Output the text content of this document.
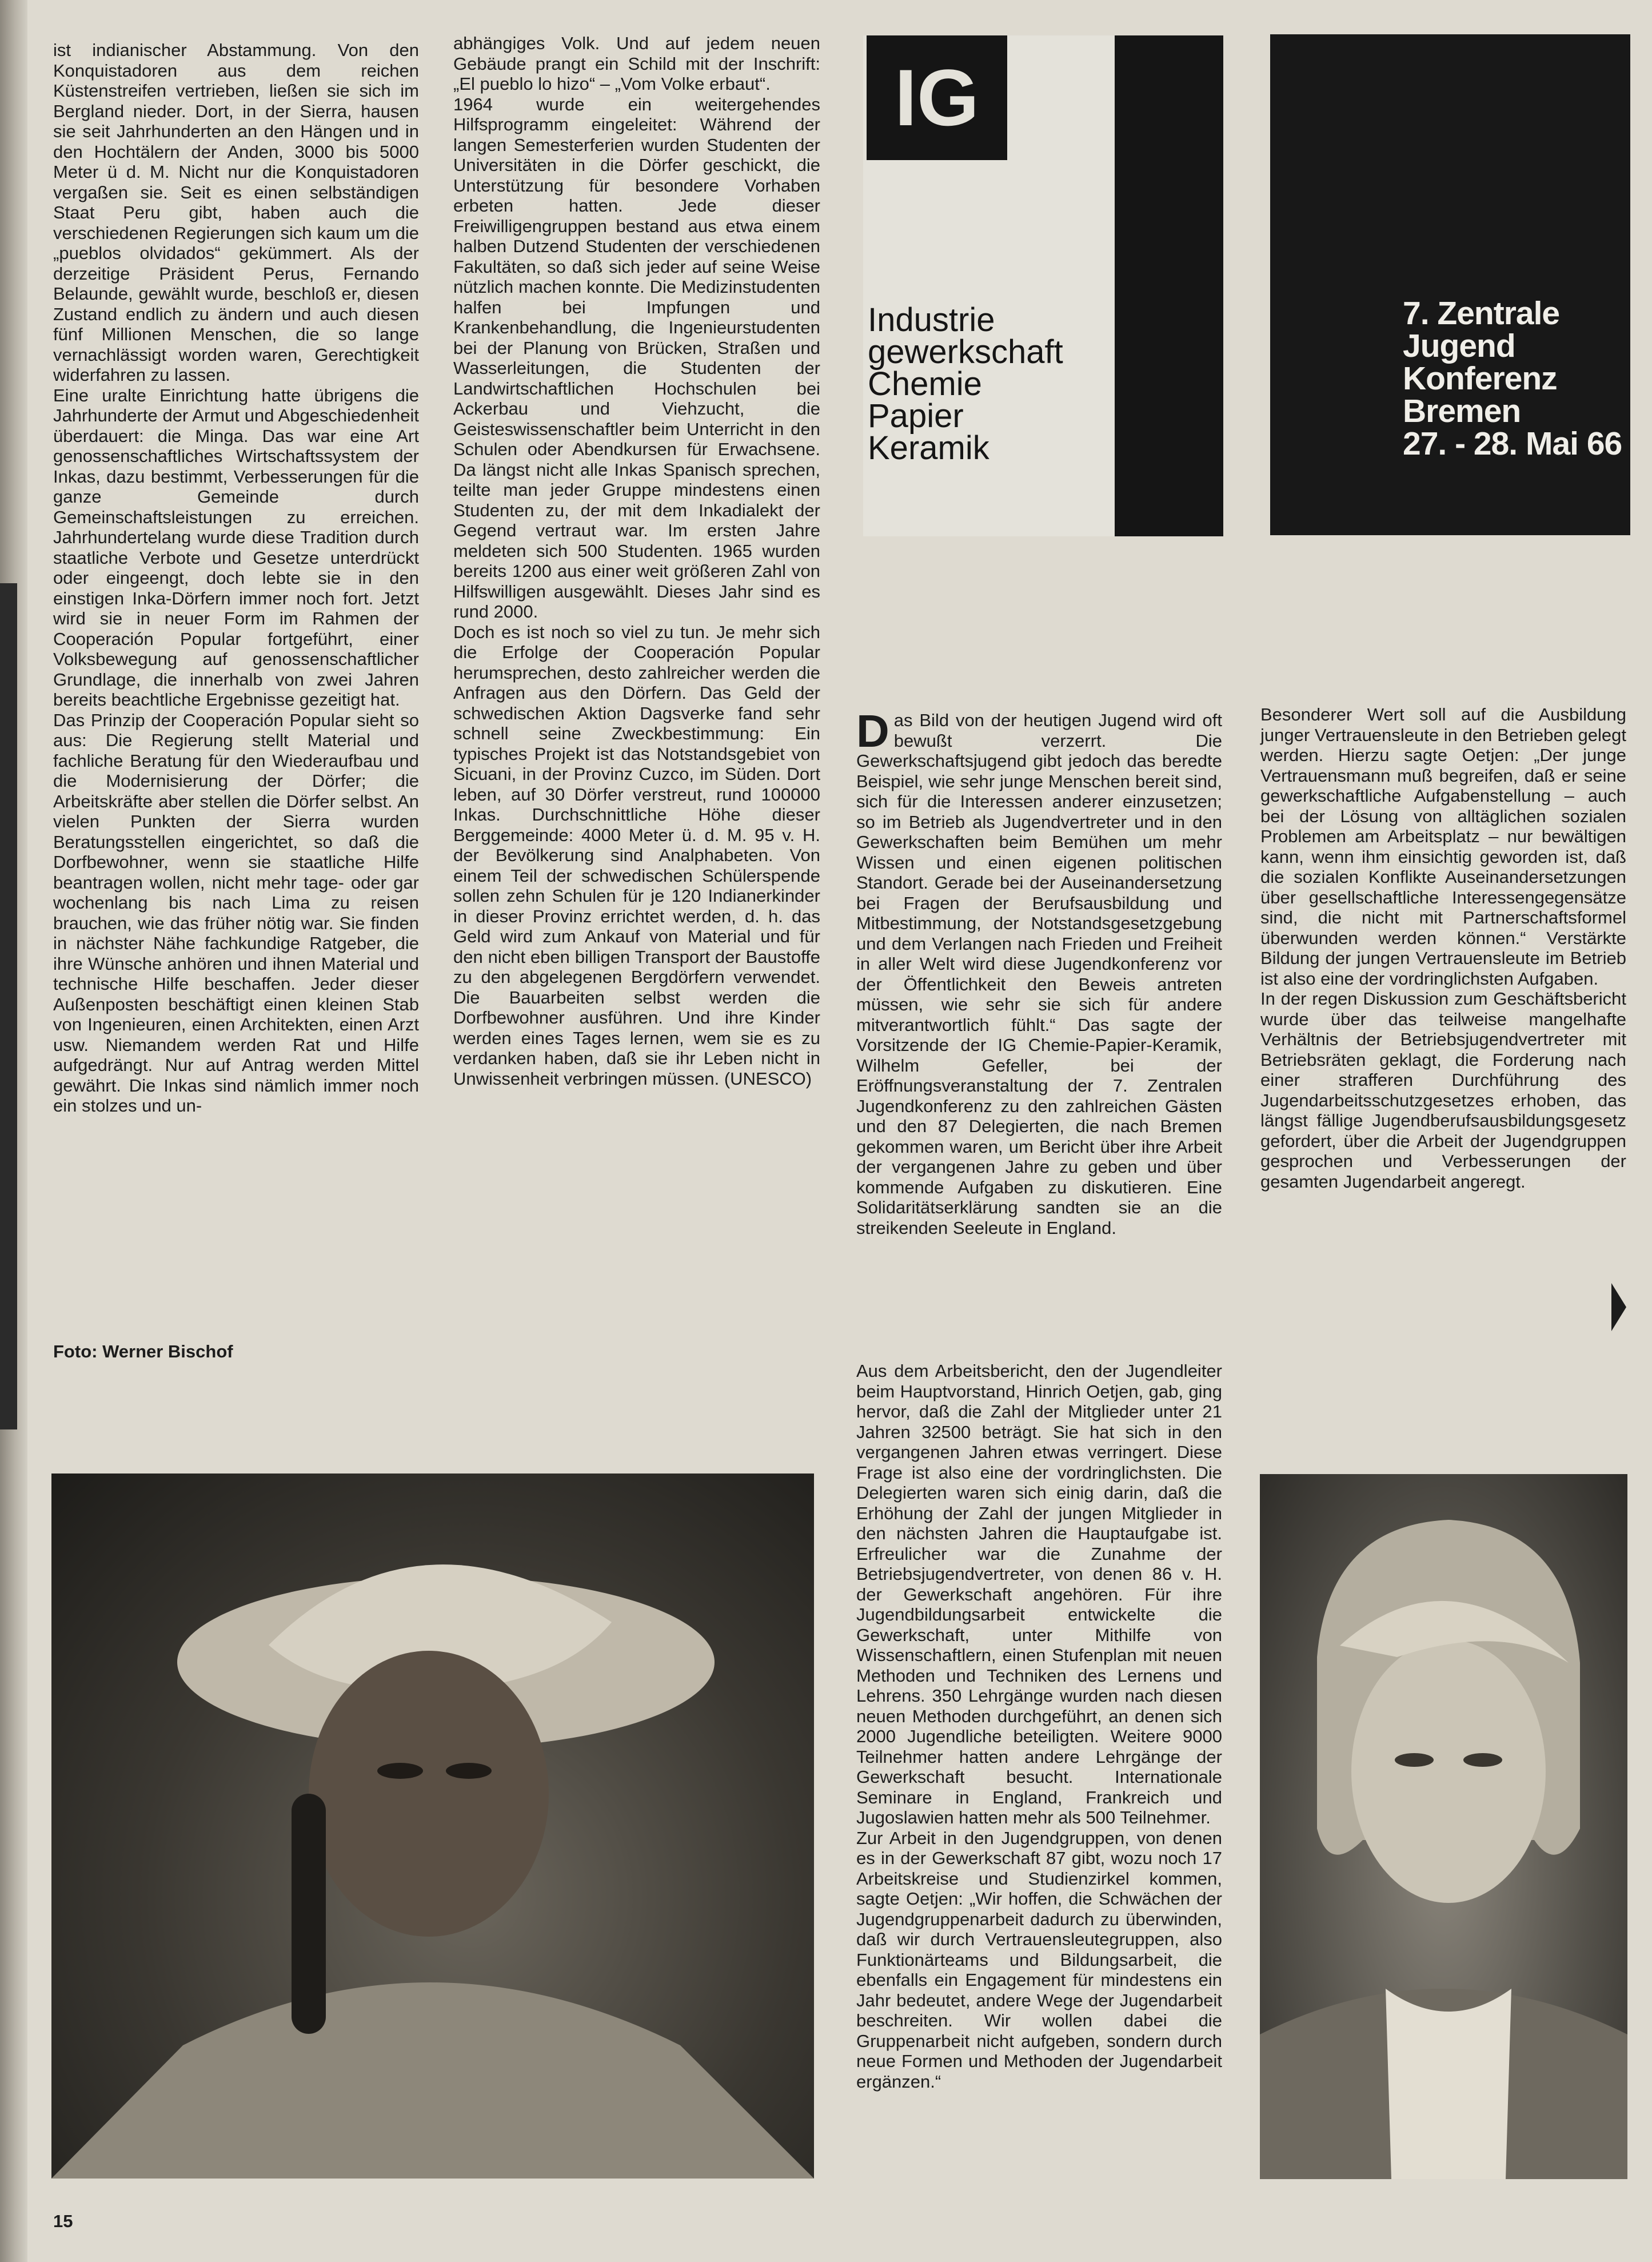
ist indianischer Abstammung. Von den Konquistadoren aus dem reichen Küstenstreifen vertrieben, ließen sie sich im Bergland nieder. Dort, in der Sierra, hausen sie seit Jahrhunderten an den Hängen und in den Hochtälern der Anden, 3000 bis 5000 Meter ü d. M. Nicht nur die Konquistadoren vergaßen sie. Seit es einen selbständigen Staat Peru gibt, haben auch die verschiedenen Regierungen sich kaum um die „pueblos olvidados“ gekümmert. Als der derzeitige Präsident Perus, Fernando Belaunde, gewählt wurde, beschloß er, diesen Zustand endlich zu ändern und auch diesen fünf Millionen Menschen, die so lange vernachlässigt worden waren, Gerechtigkeit widerfahren zu lassen.

Eine uralte Einrichtung hatte übrigens die Jahrhunderte der Armut und Abgeschiedenheit überdauert: die Minga. Das war eine Art genossenschaftliches Wirtschaftssystem der Inkas, dazu bestimmt, Verbesserungen für die ganze Gemeinde durch Gemeinschaftsleistungen zu erreichen. Jahrhundertelang wurde diese Tradition durch staatliche Verbote und Gesetze unterdrückt oder eingeengt, doch lebte sie in den einstigen Inka-Dörfern immer noch fort. Jetzt wird sie in neuer Form im Rahmen der Cooperación Popular fortgeführt, einer Volksbewegung auf genossenschaftlicher Grundlage, die innerhalb von zwei Jahren bereits beachtliche Ergebnisse gezeitigt hat.

Das Prinzip der Cooperación Popular sieht so aus: Die Regierung stellt Material und fachliche Beratung für den Wiederaufbau und die Modernisierung der Dörfer; die Arbeitskräfte aber stellen die Dörfer selbst. An vielen Punkten der Sierra wurden Beratungsstellen eingerichtet, so daß die Dorfbewohner, wenn sie staatliche Hilfe beantragen wollen, nicht mehr tage- oder gar wochenlang bis nach Lima zu reisen brauchen, wie das früher nötig war. Sie finden in nächster Nähe fachkundige Ratgeber, die ihre Wünsche anhören und ihnen Material und technische Hilfe beschaffen. Jeder dieser Außenposten beschäftigt einen kleinen Stab von Ingenieuren, einen Architekten, einen Arzt usw. Niemandem werden Rat und Hilfe aufgedrängt. Nur auf Antrag werden Mittel gewährt. Die Inkas sind nämlich immer noch ein stolzes und un-

abhängiges Volk. Und auf jedem neuen Gebäude prangt ein Schild mit der Inschrift: „El pueblo lo hizo“ – „Vom Volke erbaut“.

1964 wurde ein weitergehendes Hilfsprogramm eingeleitet: Während der langen Semesterferien wurden Studenten der Universitäten in die Dörfer geschickt, die Unterstützung für besondere Vorhaben erbeten hatten. Jede dieser Freiwilligengruppen bestand aus etwa einem halben Dutzend Studenten der verschiedenen Fakultäten, so daß sich jeder auf seine Weise nützlich machen konnte. Die Medizinstudenten halfen bei Impfungen und Krankenbehandlung, die Ingenieurstudenten bei der Planung von Brücken, Straßen und Wasserleitungen, die Studenten der Landwirtschaftlichen Hochschulen bei Ackerbau und Viehzucht, die Geisteswissenschaftler beim Unterricht in den Schulen oder Abendkursen für Erwachsene. Da längst nicht alle Inkas Spanisch sprechen, teilte man jeder Gruppe mindestens einen Studenten zu, der mit dem Inkadialekt der Gegend vertraut war. Im ersten Jahre meldeten sich 500 Studenten. 1965 wurden bereits 1200 aus einer weit größeren Zahl von Hilfswilligen ausgewählt. Dieses Jahr sind es rund 2000.

Doch es ist noch so viel zu tun. Je mehr sich die Erfolge der Cooperación Popular herumsprechen, desto zahlreicher werden die Anfragen aus den Dörfern. Das Geld der schwedischen Aktion Dagsverke fand sehr schnell seine Zweckbestimmung: Ein typisches Projekt ist das Notstandsgebiet von Sicuani, in der Provinz Cuzco, im Süden. Dort leben, auf 30 Dörfer verstreut, rund 100000 Inkas. Durchschnittliche Höhe dieser Berggemeinde: 4000 Meter ü. d. M. 95 v. H. der Bevölkerung sind Analphabeten. Von einem Teil der schwedischen Schülerspende sollen zehn Schulen für je 120 Indianerkinder in dieser Provinz errichtet werden, d. h. das Geld wird zum Ankauf von Material und für den nicht eben billigen Transport der Baustoffe zu den abgelegenen Bergdörfern verwendet. Die Bauarbeiten selbst werden die Dorfbewohner ausführen. Und ihre Kinder werden eines Tages lernen, wem sie es zu verdanken haben, daß sie ihr Leben nicht in Unwissenheit verbringen müssen. (UNESCO)

IG
Industrie
gewerkschaft
Chemie
Papier
Keramik
7. Zentrale
Jugend
Konferenz
Bremen
27. - 28. Mai 66

Das Bild von der heutigen Jugend wird oft bewußt verzerrt. Die Gewerkschaftsjugend gibt jedoch das beredte Beispiel, wie sehr junge Menschen bereit sind, sich für die Interessen anderer einzusetzen; so im Betrieb als Jugendvertreter und in den Gewerkschaften beim Bemühen um mehr Wissen und einen eigenen politischen Standort. Gerade bei der Auseinandersetzung bei Fragen der Berufsausbildung und Mitbestimmung, der Notstandsgesetzgebung und dem Verlangen nach Frieden und Freiheit in aller Welt wird diese Jugendkonferenz vor der Öffentlichkeit den Beweis antreten müssen, wie sehr sie sich für andere mitverantwortlich fühlt.“ Das sagte der Vorsitzende der IG Chemie-Papier-Keramik, Wilhelm Gefeller, bei der Eröffnungsveranstaltung der 7. Zentralen Jugendkonferenz zu den zahlreichen Gästen und den 87 Delegierten, die nach Bremen gekommen waren, um Bericht über ihre Arbeit der vergangenen Jahre zu geben und über kommende Aufgaben zu diskutieren. Eine Solidaritätserklärung sandten sie an die streikenden Seeleute in England.

Besonderer Wert soll auf die Ausbildung junger Vertrauensleute in den Betrieben gelegt werden. Hierzu sagte Oetjen: „Der junge Vertrauensmann muß begreifen, daß er seine gewerkschaftliche Aufgabenstellung – auch bei der Lösung von alltäglichen sozialen Problemen am Arbeitsplatz – nur bewältigen kann, wenn ihm einsichtig geworden ist, daß die sozialen Konflikte Auseinandersetzungen über gesellschaftliche Interessengegensätze sind, die nicht mit Partnerschaftsformel überwunden werden können.“ Verstärkte Bildung der jungen Vertrauensleute im Betrieb ist also eine der vordringlichsten Aufgaben.

In der regen Diskussion zum Geschäftsbericht wurde über das teilweise mangelhafte Verhältnis der Betriebsjugendvertreter mit Betriebsräten geklagt, die Forderung nach einer strafferen Durchführung des Jugendarbeitsschutzgesetzes erhoben, das längst fällige Jugendberufsausbildungsgesetz gefordert, über die Arbeit der Jugendgruppen gesprochen und Verbesserungen der gesamten Jugendarbeit angeregt.

Foto: Werner Bischof

Aus dem Arbeitsbericht, den der Jugendleiter beim Hauptvorstand, Hinrich Oetjen, gab, ging hervor, daß die Zahl der Mitglieder unter 21 Jahren 32500 beträgt. Sie hat sich in den vergangenen Jahren etwas verringert. Diese Frage ist also eine der vordringlichsten. Die Delegierten waren sich einig darin, daß die Erhöhung der Zahl der jungen Mitglieder in den nächsten Jahren die Hauptaufgabe ist. Erfreulicher war die Zunahme der Betriebsjugendvertreter, von denen 86 v. H. der Gewerkschaft angehören. Für ihre Jugendbildungsarbeit entwickelte die Gewerkschaft, unter Mithilfe von Wissenschaftlern, einen Stufenplan mit neuen Methoden und Techniken des Lernens und Lehrens. 350 Lehrgänge wurden nach diesen neuen Methoden durchgeführt, an denen sich 2000 Jugendliche beteiligten. Weitere 9000 Teilnehmer hatten andere Lehrgänge der Gewerkschaft besucht. Internationale Seminare in England, Frankreich und Jugoslawien hatten mehr als 500 Teilnehmer.

Zur Arbeit in den Jugendgruppen, von denen es in der Gewerkschaft 87 gibt, wozu noch 17 Arbeitskreise und Studienzirkel kommen, sagte Oetjen: „Wir hoffen, die Schwächen der Jugendgruppenarbeit dadurch zu überwinden, daß wir durch Vertrauensleutegruppen, also Funktionärteams und Bildungsarbeit, die ebenfalls ein Engagement für mindestens ein Jahr bedeutet, andere Wege der Jugendarbeit beschreiten. Wir wollen dabei die Gruppenarbeit nicht aufgeben, sondern durch neue Formen und Methoden der Jugendarbeit ergänzen.“

15
